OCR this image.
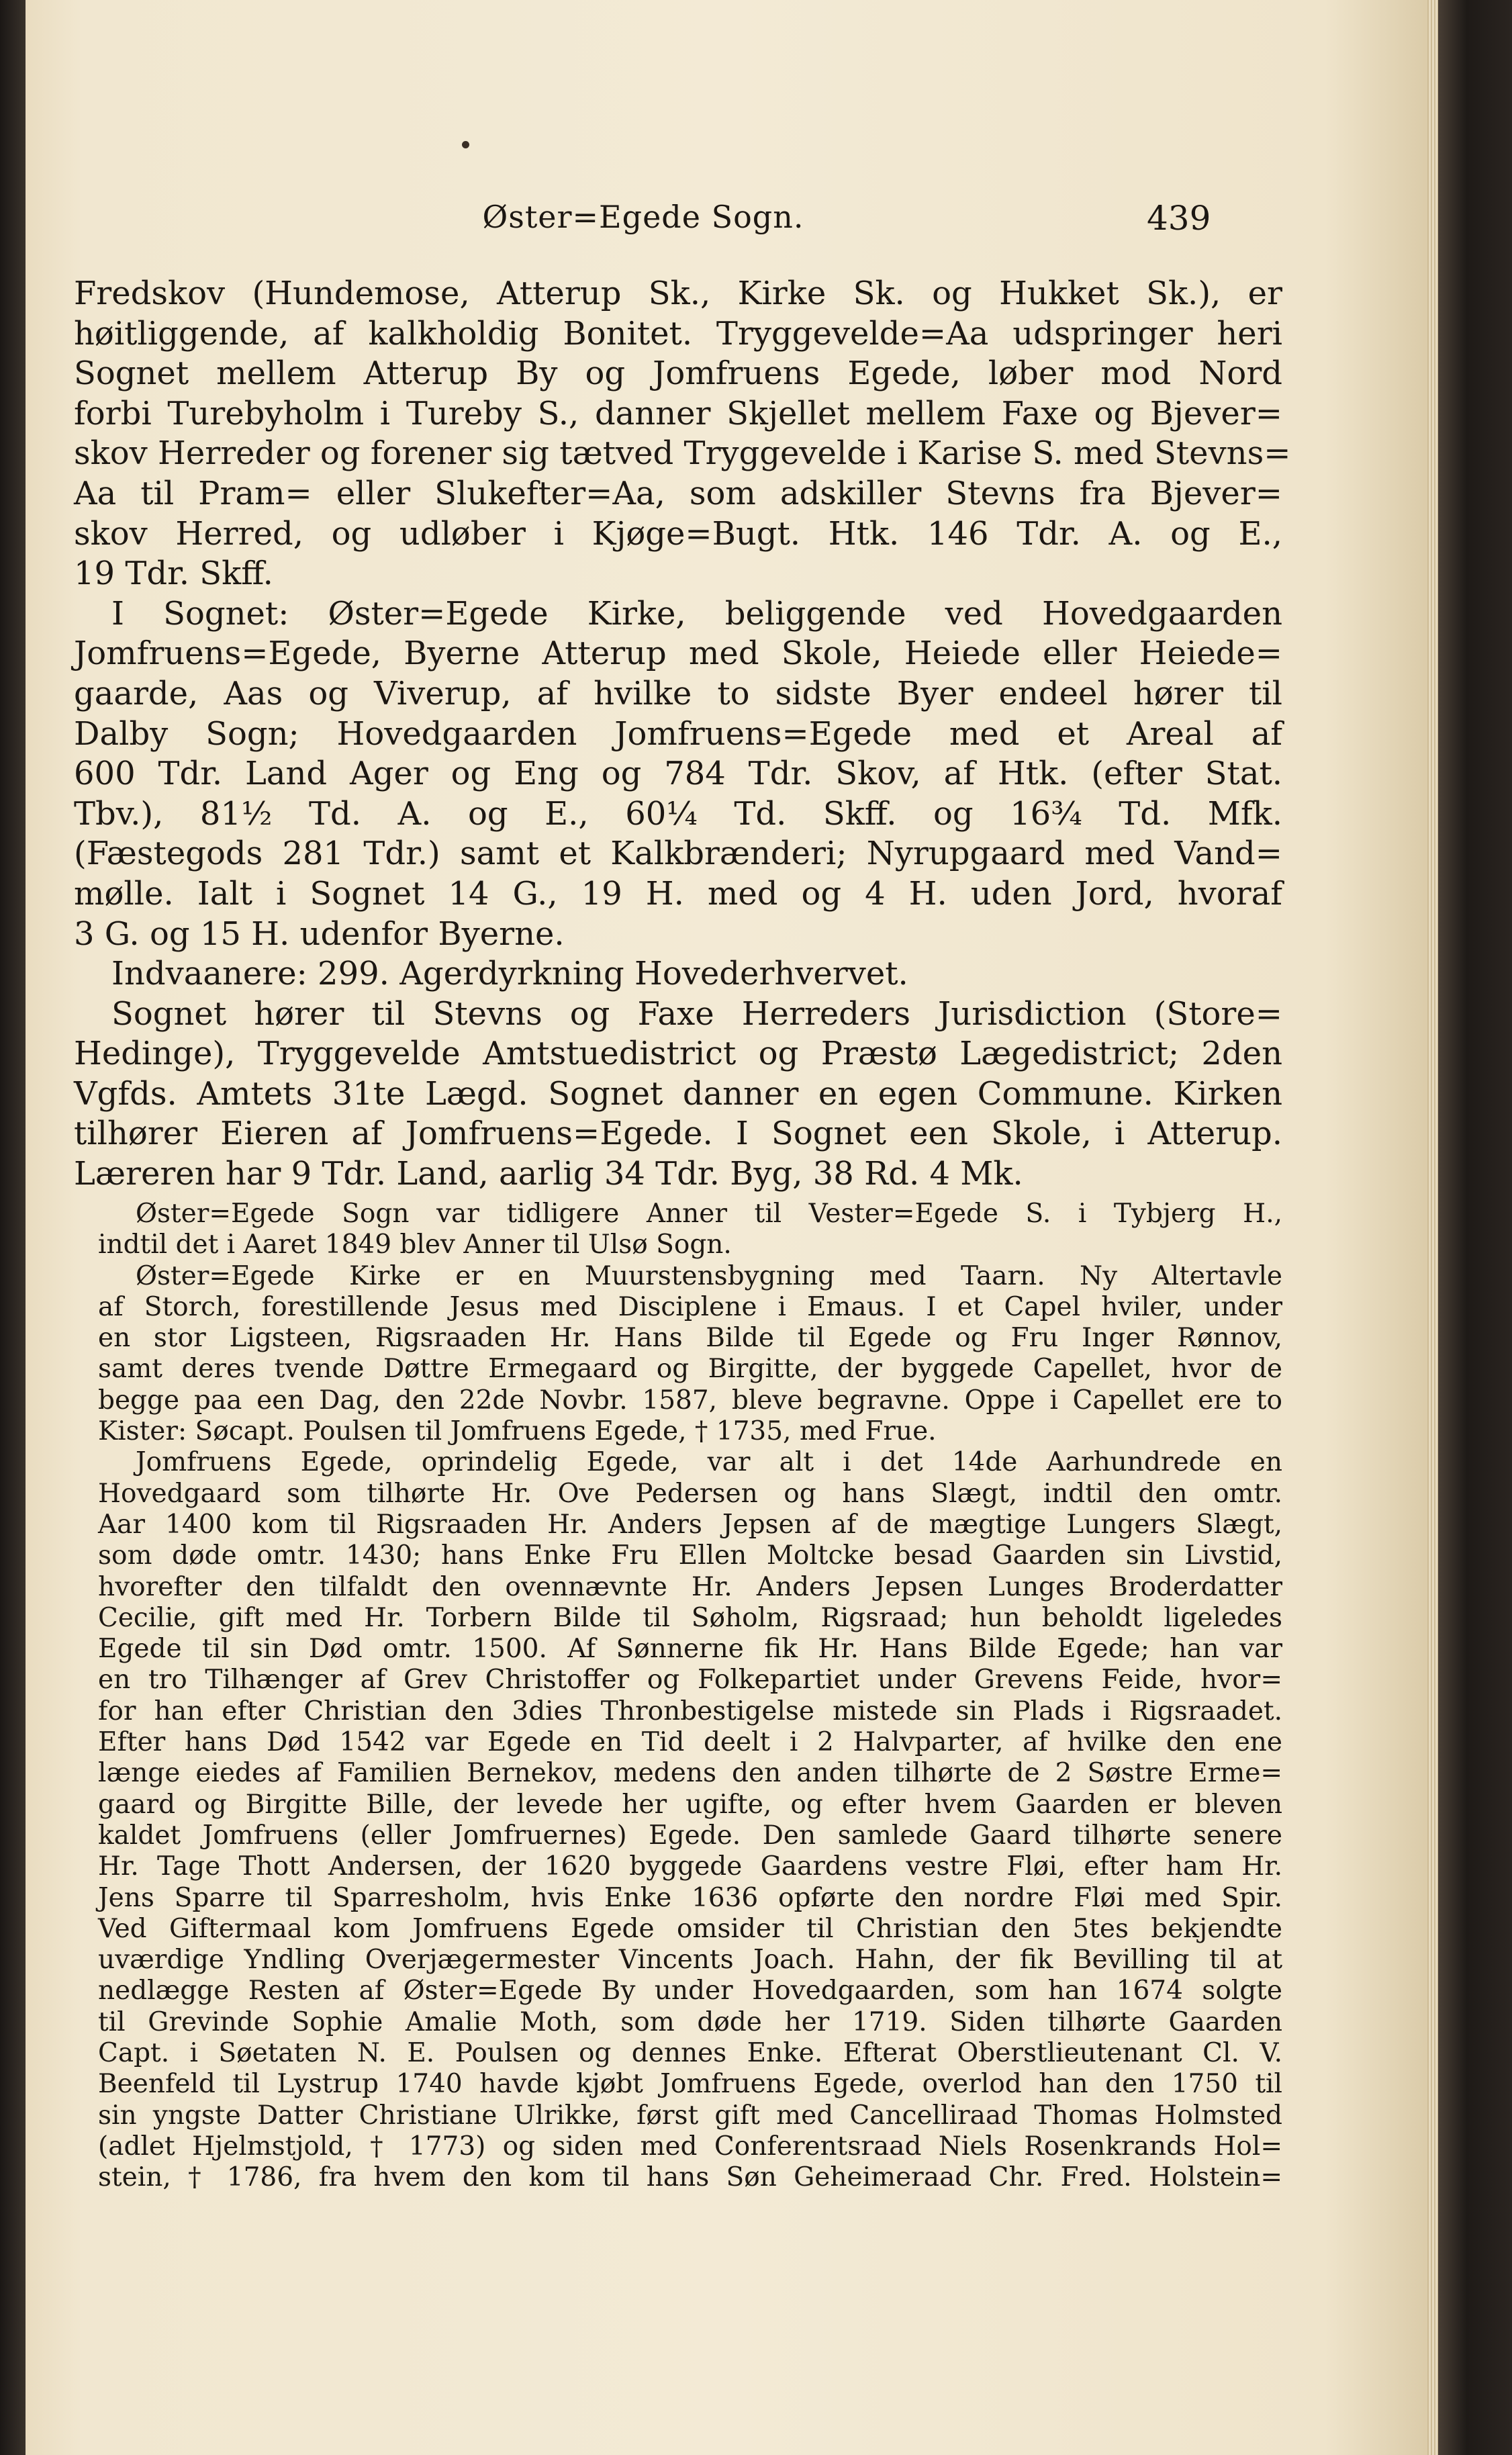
Øster=Egede Sogn.	439
Fredskov (Hundemose, Atterup Sk., Kirke Sk. og Hukket Sk.), er
høitliggende, af kalkholdig Bonitet. Tryggevelde=Aa udspringer heri
Sognet mellem Atterup By og Jomfruens Egede, løber mod Nord
forbi Turebyholm i Tureby S., danner Skjellet mellem Faxe og Bjever=
skov Herreder og forener sig tætved Tryggevelde i Karise S. med Stevns=
Aa til Pram= eller Slukefter=Aa, som adskiller Stevns fra Bjever=
skov Herred, og udløber i Kjøge=Bugt. Htk. 146 Tdr. A. og E.,
19 Tdr. Skff.
I Sognet: Øster=Egede Kirke, beliggende ved Hovedgaarden
Jomfruens=Egede, Byerne Atterup med Skole, Heiede eller Heiede=
gaarde, Aas og Viverup, af hvilke to sidste Byer endeel hører til
Dalby Sogn; Hovedgaarden Jomfruens=Egede med et Areal af
600 Tdr. Land Ager og Eng og 784 Tdr. Skov, af Htk. (efter Stat.
Tbv.), 81½ Td. A. og E., 60¼ Td. Skff. og 16¾ Td. Mfk.
(Fæstegods 281 Tdr.) samt et Kalkbrænderi; Nyrupgaard med Vand=
mølle. Ialt i Sognet 14 G., 19 H. med og 4 H. uden Jord, hvoraf
3 G. og 15 H. udenfor Byerne.
Indvaanere: 299. Agerdyrkning Hovederhvervet.
Sognet hører til Stevns og Faxe Herreders Jurisdiction (Store=
Hedinge), Tryggevelde Amtstuedistrict og Præstø Lægedistrict; 2den
Vgfds. Amtets 31te Lægd. Sognet danner en egen Commune. Kirken
tilhører Eieren af Jomfruens=Egede. I Sognet een Skole, i Atterup.
Læreren har 9 Tdr. Land, aarlig 34 Tdr. Byg, 38 Rd. 4 Mk.
Øster=Egede Sogn var tidligere Anner til Vester=Egede S. i Tybjerg H.,
indtil det i Aaret 1849 blev Anner til Ulsø Sogn.
Øster=Egede Kirke er en Muurstensbygning med Taarn. Ny Altertavle
af Storch, forestillende Jesus med Disciplene i Emaus. I et Capel hviler, under
en stor Ligsteen, Rigsraaden Hr. Hans Bilde til Egede og Fru Inger Rønnov,
samt deres tvende Døttre Ermegaard og Birgitte, der byggede Capellet, hvor de
begge paa een Dag, den 22de Novbr. 1587, bleve begravne. Oppe i Capellet ere to
Kister: Søcapt. Poulsen til Jomfruens Egede, † 1735, med Frue.
Jomfruens Egede, oprindelig Egede, var alt i det 14de Aarhundrede en
Hovedgaard som tilhørte Hr. Ove Pedersen og hans Slægt, indtil den omtr.
Aar 1400 kom til Rigsraaden Hr. Anders Jepsen af de mægtige Lungers Slægt,
som døde omtr. 1430; hans Enke Fru Ellen Moltcke besad Gaarden sin Livstid,
hvorefter den tilfaldt den ovennævnte Hr. Anders Jepsen Lunges Broderdatter
Cecilie, gift med Hr. Torbern Bilde til Søholm, Rigsraad; hun beholdt ligeledes
Egede til sin Død omtr. 1500. Af Sønnerne fik Hr. Hans Bilde Egede; han var
en tro Tilhænger af Grev Christoffer og Folkepartiet under Grevens Feide, hvor=
for han efter Christian den 3dies Thronbestigelse mistede sin Plads i Rigsraadet.
Efter hans Død 1542 var Egede en Tid deelt i 2 Halvparter, af hvilke den ene
længe eiedes af Familien Bernekov, medens den anden tilhørte de 2 Søstre Erme=
gaard og Birgitte Bille, der levede her ugifte, og efter hvem Gaarden er bleven
kaldet Jomfruens (eller Jomfruernes) Egede. Den samlede Gaard tilhørte senere
Hr. Tage Thott Andersen, der 1620 byggede Gaardens vestre Fløi, efter ham Hr.
Jens Sparre til Sparresholm, hvis Enke 1636 opførte den nordre Fløi med Spir.
Ved Giftermaal kom Jomfruens Egede omsider til Christian den 5tes bekjendte
uværdige Yndling Overjægermester Vincents Joach. Hahn, der fik Bevilling til at
nedlægge Resten af Øster=Egede By under Hovedgaarden, som han 1674 solgte
til Grevinde Sophie Amalie Moth, som døde her 1719. Siden tilhørte Gaarden
Capt. i Søetaten N. E. Poulsen og dennes Enke. Efterat Oberstlieutenant Cl. V.
Beenfeld til Lystrup 1740 havde kjøbt Jomfruens Egede, overlod han den 1750 til
sin yngste Datter Christiane Ulrikke, først gift med Cancelliraad Thomas Holmsted
(adlet Hjelmstjold, † 1773) og siden med Conferentsraad Niels Rosenkrands Hol=
stein, † 1786, fra hvem den kom til hans Søn Geheimeraad Chr. Fred. Holstein=
